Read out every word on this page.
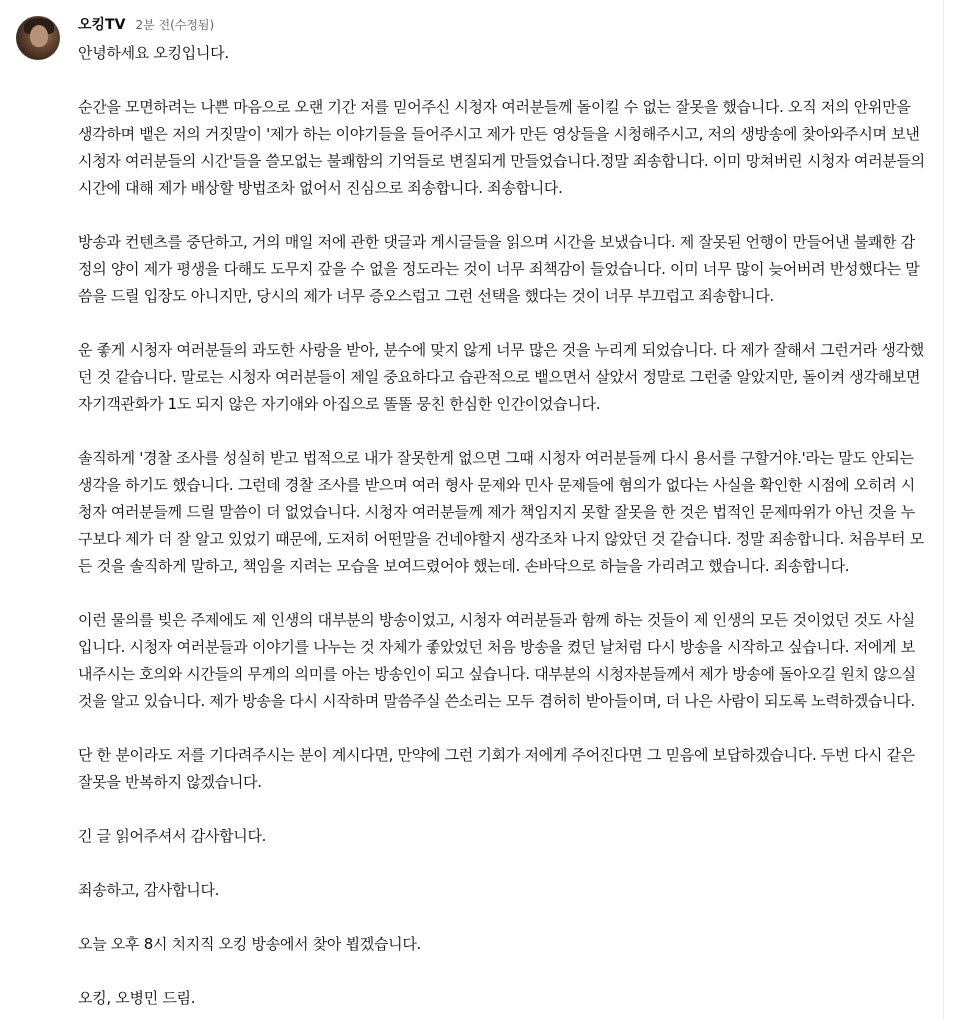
오킹TV 2분 전(수정됨)

안녕하세요 오킹입니다.

순간을 모면하려는 나쁜 마음으로 오랜 기간 저를 믿어주신 시청자 여러분들께 돌이킬 수 없는 잘못을 했습니다. 오직 저의 안위만을 생각하며 뱉은 저의 거짓말이 '제가 하는 이야기들을 들어주시고 제가 만든 영상들을 시청해주시고, 저의 생방송에 찾아와주시며 보낸 시청자 여러분들의 시간'들을 쓸모없는 불쾌함의 기억들로 변질되게 만들었습니다.정말 죄송합니다. 이미 망쳐버린 시청자 여러분들의 시간에 대해 제가 배상할 방법조차 없어서 진심으로 죄송합니다. 죄송합니다.

방송과 컨텐츠를 중단하고, 거의 매일 저에 관한 댓글과 게시글들을 읽으며 시간을 보냈습니다. 제 잘못된 언행이 만들어낸 불쾌한 감정의 양이 제가 평생을 다해도 도무지 갚을 수 없을 정도라는 것이 너무 죄책감이 들었습니다. 이미 너무 많이 늦어버려 반성했다는 말씀을 드릴 입장도 아니지만, 당시의 제가 너무 증오스럽고 그런 선택을 했다는 것이 너무 부끄럽고 죄송합니다.

운 좋게 시청자 여러분들의 과도한 사랑을 받아, 분수에 맞지 않게 너무 많은 것을 누리게 되었습니다. 다 제가 잘해서 그런거라 생각했던 것 같습니다. 말로는 시청자 여러분들이 제일 중요하다고 습관적으로 뱉으면서 살았서 정말로 그런줄 알았지만, 돌이켜 생각해보면 자기객관화가 1도 되지 않은 자기애와 아집으로 똘똘 뭉친 한심한 인간이었습니다.

솔직하게 '경찰 조사를 성실히 받고 법적으로 내가 잘못한게 없으면 그때 시청자 여러분들께 다시 용서를 구할거야.'라는 말도 안되는 생각을 하기도 했습니다. 그런데 경찰 조사를 받으며 여러 형사 문제와 민사 문제들에 혐의가 없다는 사실을 확인한 시점에 오히려 시청자 여러분들께 드릴 말씀이 더 없었습니다. 시청자 여러분들께 제가 책임지지 못할 잘못을 한 것은 법적인 문제따위가 아닌 것을 누구보다 제가 더 잘 알고 있었기 때문에, 도저히 어떤말을 건네야할지 생각조차 나지 않았던 것 같습니다. 정말 죄송합니다. 처음부터 모든 것을 솔직하게 말하고, 책임을 지려는 모습을 보여드렸어야 했는데. 손바닥으로 하늘을 가리려고 했습니다. 죄송합니다.

이런 물의를 빚은 주제에도 제 인생의 대부분의 방송이었고, 시청자 여러분들과 함께 하는 것들이 제 인생의 모든 것이었던 것도 사실입니다. 시청자 여러분들과 이야기를 나누는 것 자체가 좋았었던 처음 방송을 켰던 날처럼 다시 방송을 시작하고 싶습니다. 저에게 보내주시는 호의와 시간들의 무게의 의미를 아는 방송인이 되고 싶습니다. 대부분의 시청자분들께서 제가 방송에 돌아오길 원치 않으실 것을 알고 있습니다. 제가 방송을 다시 시작하며 말씀주실 쓴소리는 모두 겸허히 받아들이며, 더 나은 사람이 되도록 노력하겠습니다.

단 한 분이라도 저를 기다려주시는 분이 계시다면, 만약에 그런 기회가 저에게 주어진다면 그 믿음에 보답하겠습니다. 두번 다시 같은 잘못을 반복하지 않겠습니다.

긴 글 읽어주셔서 감사합니다.

죄송하고, 감사합니다.

오늘 오후 8시 치지직 오킹 방송에서 찾아 뵙겠습니다.

오킹, 오병민 드림.
